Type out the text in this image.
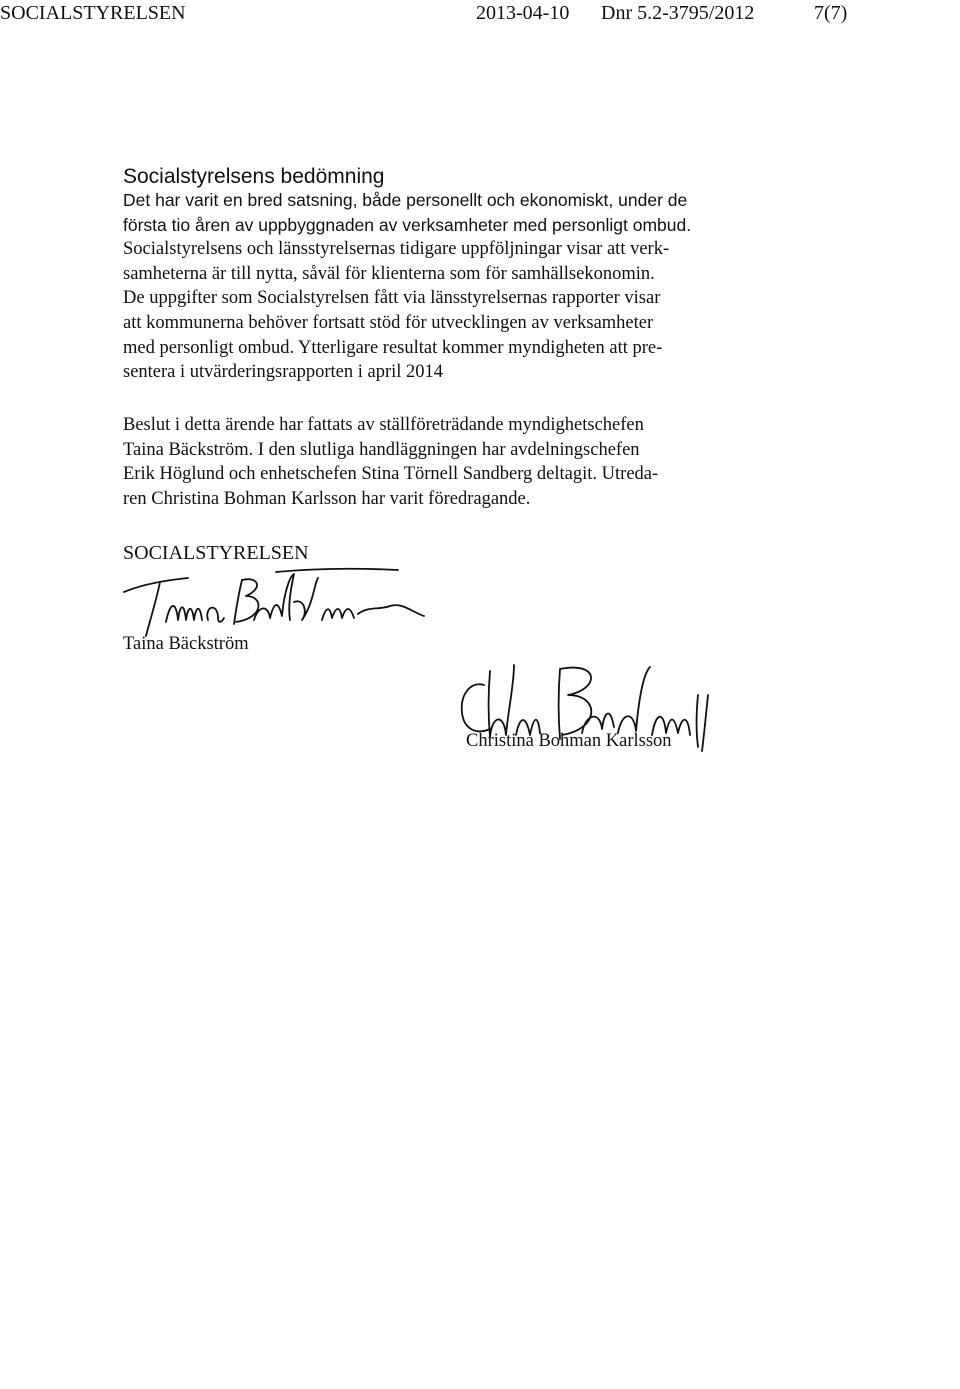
SOCIALSTYRELSEN	2013-04-10 Dnr 5.2-3795/2012	7(7)
Socialstyrelsens bedömning
Det har varit en bred satsning, både personellt och ekonomiskt, under de
första tio åren av uppbyggnaden av verksamheter med personligt ombud.
Socialstyrelsens och länsstyrelsernas tidigare uppföljningar visar att verk-
samheterna är till nytta, såväl för klienterna som för samhällsekonomin.
De uppgifter som Socialstyrelsen fått via länsstyrelsernas rapporter visar
att kommunerna behöver fortsatt stöd för utvecklingen av verksamheter
med personligt ombud. Ytterligare resultat kommer myndigheten att pre-
sentera i utvärderingsrapporten i april 2014
Beslut i detta ärende har fattats av ställföreträdande myndighetschefen
Taina Bäckström. I den slutliga handläggningen har avdelningschefen
Erik Höglund och enhetschefen Stina Törnell Sandberg deltagit. Utreda-
ren Christina Bohman Karlsson har varit föredragande.
SOCIALSTYRELSEN
Taina Bäckström
Christina Bohman Karlsson
